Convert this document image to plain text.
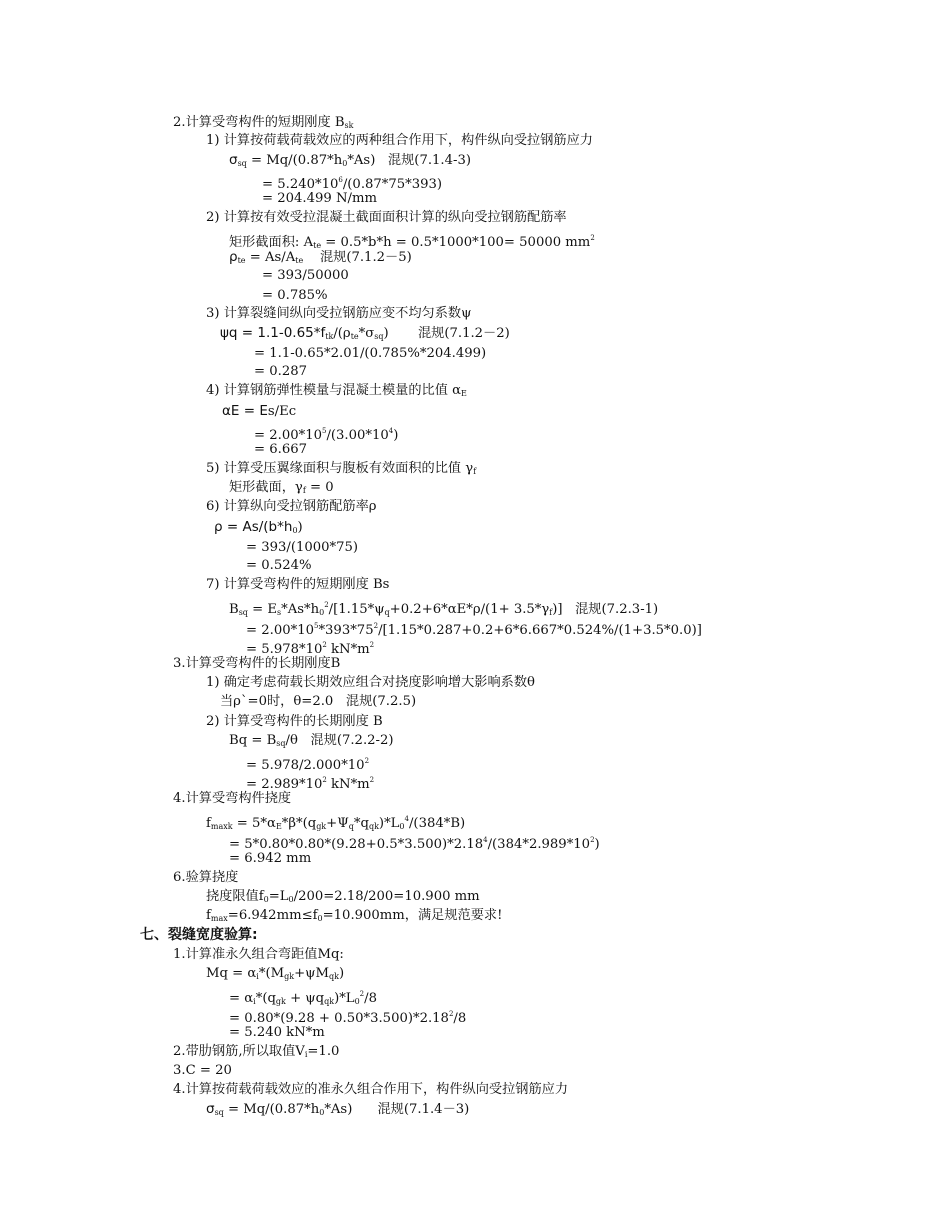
2.计算受弯构件的短期刚度 Bsk
1) 计算按荷载荷载效应的两种组合作用下，构件纵向受拉钢筋应力
σsq = Mq/(0.87*h0*As)   混规(7.1.4-3)
= $5.240*10^6/(0.87*75*393)$
= 204.499 N/mm
2) 计算按有效受拉混凝土截面面积计算的纵向受拉钢筋配筋率
矩形截面积: Ate = 0.5*b*h = 0.5*1000*100= 50000 $mm^2$
ρte = As/Ate    混规(7.1.2－5)
= 393/50000
= 0.785%
3) 计算裂缝间纵向受拉钢筋应变不均匀系数ψ
ψq = 1.1-0.65*ftk/(ρte*σsq)       混规(7.1.2－2)
= 1.1-0.65*2.01/(0.785%*204.499)
= 0.287
4) 计算钢筋弹性模量与混凝土模量的比值 αE
αE = Es/Ec
= $2.00*10^5/(3.00*10^4)$
= 6.667
5) 计算受压翼缘面积与腹板有效面积的比值 γf
矩形截面，γf = 0
6) 计算纵向受拉钢筋配筋率ρ
ρ = As/(b*h0)
= 393/(1000*75)
= 0.524%
7) 计算受弯构件的短期刚度 Bs
Bsq = $Es*As*h0^2/[1.15*\psi q+0.2+6*\alpha E*\rho/(1+ 3.5*\gamma f)]$   混规(7.2.3-1)
= $2.00*10^5*393*75^2/[1.15*0.287+0.2+6*6.667*0.524\%/(1+3.5*0.0)]$
= $5.978*10^2$ $kN*m^2$
3.计算受弯构件的长期刚度B
1) 确定考虑荷载长期效应组合对挠度影响增大影响系数θ
当ρ`=0时，θ=2.0   混规(7.2.5)
2) 计算受弯构件的长期刚度 B
Bq = Bsq/θ   混规(7.2.2-2)
= $5.978/2.000*10^2$
= $2.989*10^2$ $kN*m^2$
4.计算受弯构件挠度
$fmaxk = 5*\alpha E*\beta*(qgk+\Psi q*qqk)*L0^4/(384*B)$
= $5*0.80*0.80*(9.28+0.5*3.500)*2.18^4/(384*2.989*10^2)$
= 6.942 mm
6.验算挠度
挠度限值f0=L0/200=2.18/200=10.900 mm
fmax=6.942mm≤f0=10.900mm，满足规范要求!
七、裂缝宽度验算:
1.计算准永久组合弯距值Mq:
Mq = αi*(Mgk+ψMqk)
= $\alpha i*(qgk + \psi qqk)*L0^2/8$
= $0.80*(9.28 + 0.50*3.500)*2.18^2/8$
= 5.240 kN*m
2.带肋钢筋,所以取值Vi=1.0
3.C = 20
4.计算按荷载荷载效应的准永久组合作用下，构件纵向受拉钢筋应力
σsq = Mq/(0.87*h0*As)      混规(7.1.4－3)
